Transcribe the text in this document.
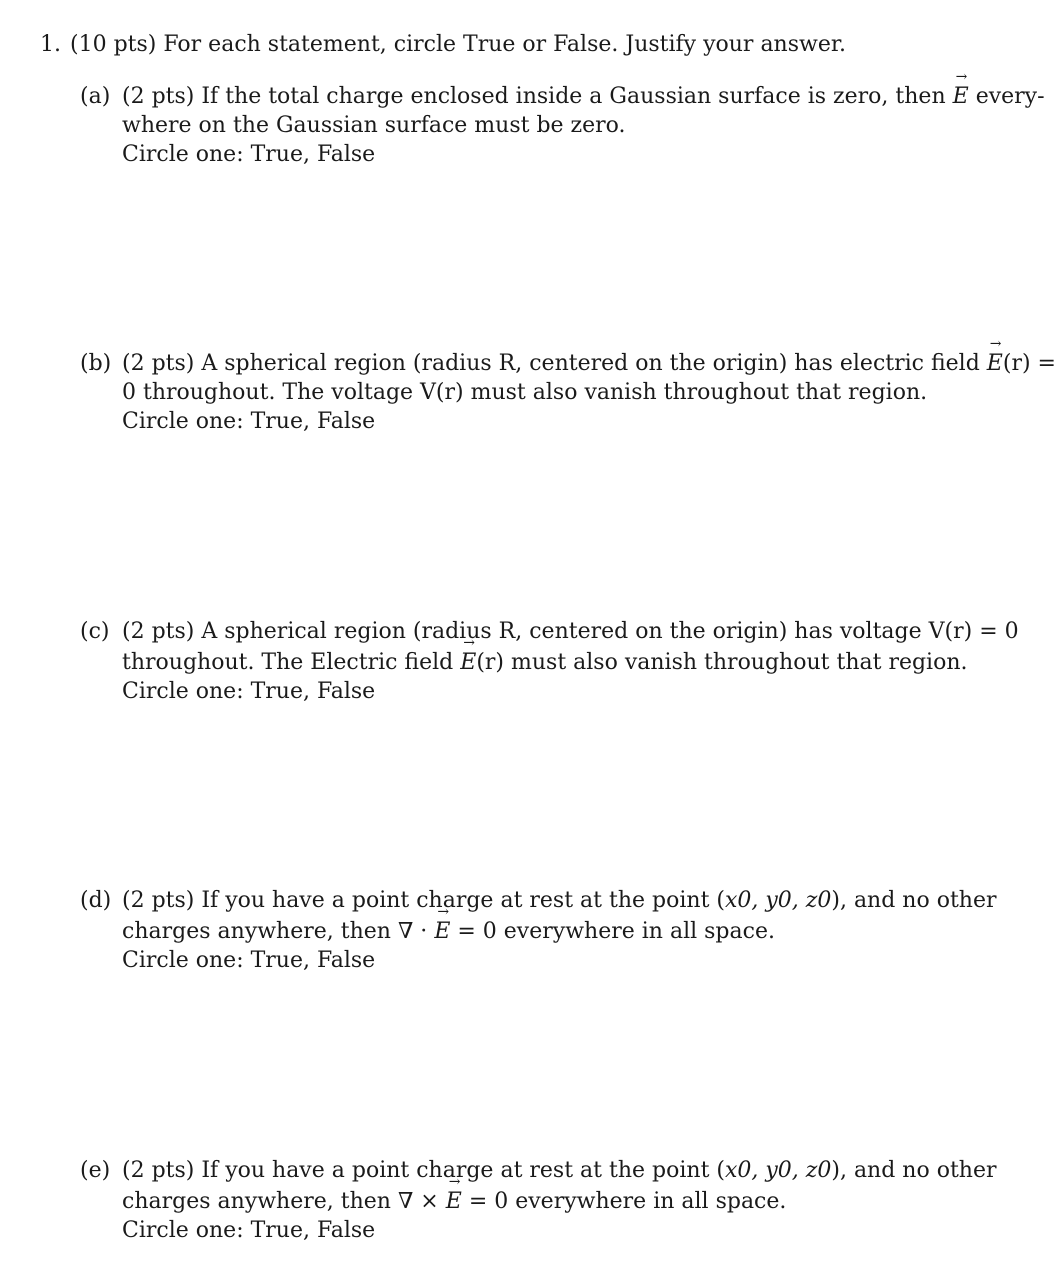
1. (10 pts) For each statement, circle True or False. Justify your answer.
(a) (2 pts) If the total charge enclosed inside a Gaussian surface is zero, then → E every-
where on the Gaussian surface must be zero.
Circle one: True, False
(b) (2 pts) A spherical region (radius R, centered on the origin) has electric field → E(r) =
0 throughout. The voltage V(r) must also vanish throughout that region.
Circle one: True, False
(c) (2 pts) A spherical region (radius R, centered on the origin) has voltage V(r) = 0
throughout. The Electric field → E(r) must also vanish throughout that region.
Circle one: True, False
(d) (2 pts) If you have a point charge at rest at the point (x0, y0, z0), and no other
charges anywhere, then ∇ · → E = 0 everywhere in all space.
Circle one: True, False
(e) (2 pts) If you have a point charge at rest at the point (x0, y0, z0), and no other
charges anywhere, then ∇ × → E = 0 everywhere in all space.
Circle one: True, False
